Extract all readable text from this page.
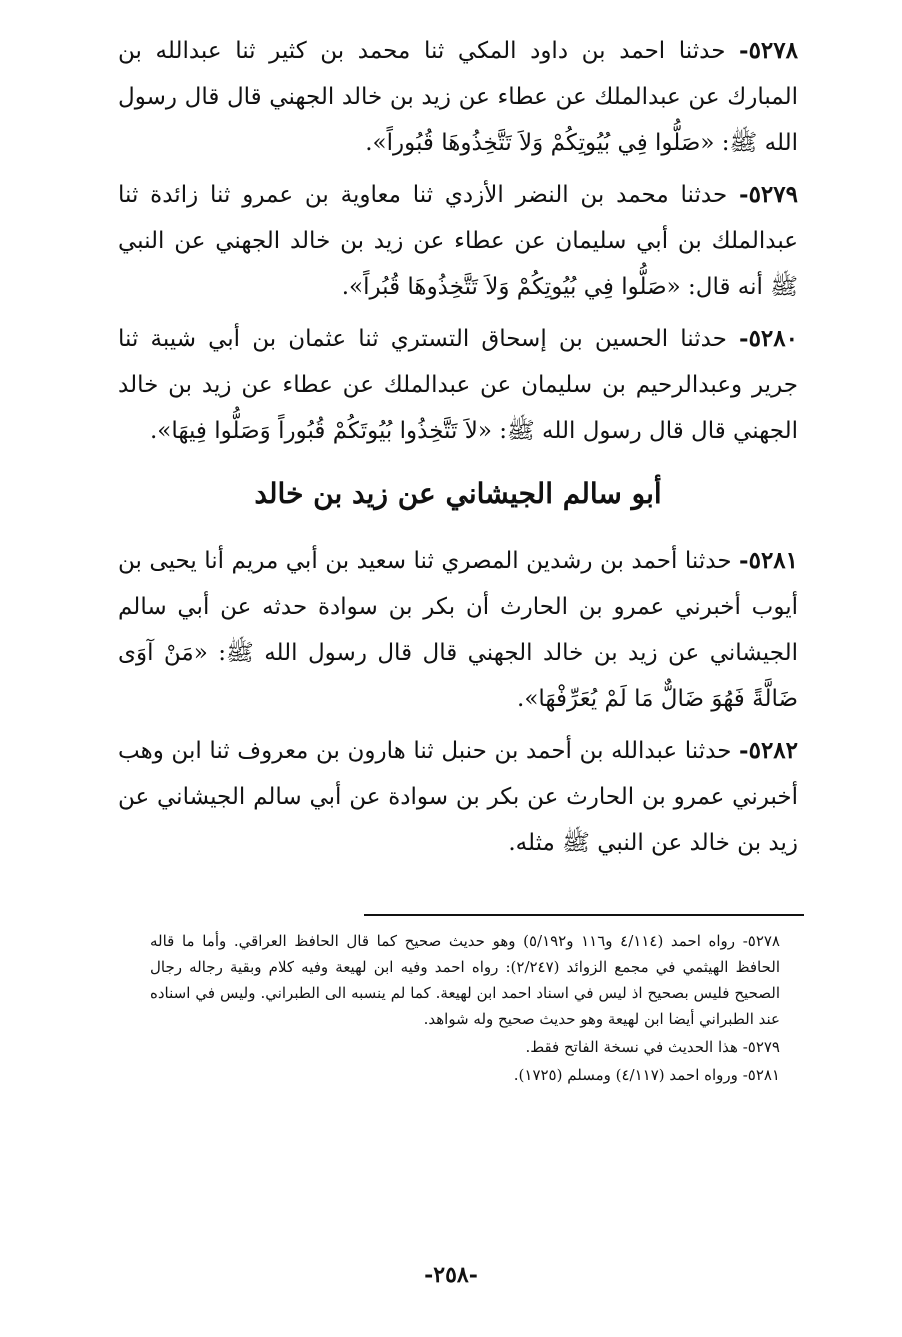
٥٢٧٨- حدثنا احمد بن داود المكي ثنا محمد بن كثير ثنا عبدالله بن المبارك عن عبدالملك عن عطاء عن زيد بن خالد الجهني قال قال رسول الله ﷺ: «صَلُّوا فِي بُيُوتِكُمْ وَلاَ تَتَّخِذُوهَا قُبُوراً».

٥٢٧٩- حدثنا محمد بن النضر الأزدي ثنا معاوية بن عمرو ثنا زائدة ثنا عبدالملك بن أبي سليمان عن عطاء عن زيد بن خالد الجهني عن النبي ﷺ أنه قال: «صَلُّوا فِي بُيُوتِكُمْ وَلاَ تَتَّخِذُوهَا قُبُراً».

٥٢٨٠- حدثنا الحسين بن إسحاق التستري ثنا عثمان بن أبي شيبة ثنا جرير وعبدالرحيم بن سليمان عن عبدالملك عن عطاء عن زيد بن خالد الجهني قال قال رسول الله ﷺ: «لاَ تَتَّخِذُوا بُيُوتَكُمْ قُبُوراً وَصَلُّوا فِيهَا».

أبو سالم الجيشاني عن زيد بن خالد

٥٢٨١- حدثنا أحمد بن رشدين المصري ثنا سعيد بن أبي مريم أنا يحيى بن أيوب أخبرني عمرو بن الحارث أن بكر بن سوادة حدثه عن أبي سالم الجيشاني عن زيد بن خالد الجهني قال قال رسول الله ﷺ: «مَنْ آوَى ضَالَّةً فَهُوَ ضَالٌّ مَا لَمْ يُعَرِّفْهَا».

٥٢٨٢- حدثنا عبدالله بن أحمد بن حنبل ثنا هارون بن معروف ثنا ابن وهب أخبرني عمرو بن الحارث عن بكر بن سوادة عن أبي سالم الجيشاني عن زيد بن خالد عن النبي ﷺ مثله.

٥٢٧٨- رواه احمد (٤/١١٤ و١١٦ و٥/١٩٢) وهو حديث صحيح كما قال الحافظ العراقي. وأما ما قاله الحافظ الهيثمي في مجمع الزوائد (٢/٢٤٧): رواه احمد وفيه ابن لهيعة وفيه كلام وبقية رجاله رجال الصحيح فليس بصحيح اذ ليس في اسناد احمد ابن لهيعة. كما لم ينسبه الى الطبراني. وليس في اسناده عند الطبراني أيضا ابن لهيعة وهو حديث صحيح وله شواهد.

٥٢٧٩- هذا الحديث في نسخة الفاتح فقط.

٥٢٨١- ورواه احمد (٤/١١٧) ومسلم (١٧٢٥).

-٢٥٨-
